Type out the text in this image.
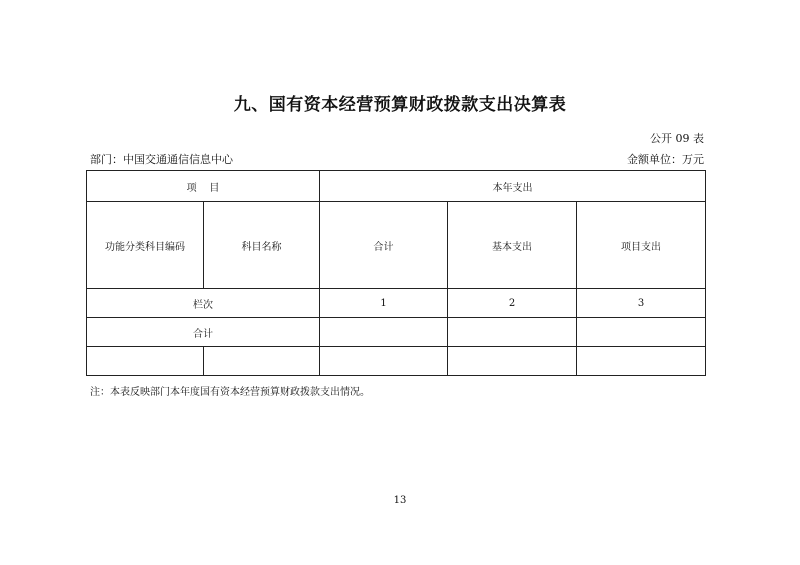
九、国有资本经营预算财政拨款支出决算表
公开 09 表
部门：中国交通通信信息中心	金额单位：万元
项    目		本年支出		
功能分类科目编码	科目名称	合计	基本支出	项目支出
栏次		1	2	3
合计				

注：本表反映部门本年度国有资本经营预算财政拨款支出情况。
13
